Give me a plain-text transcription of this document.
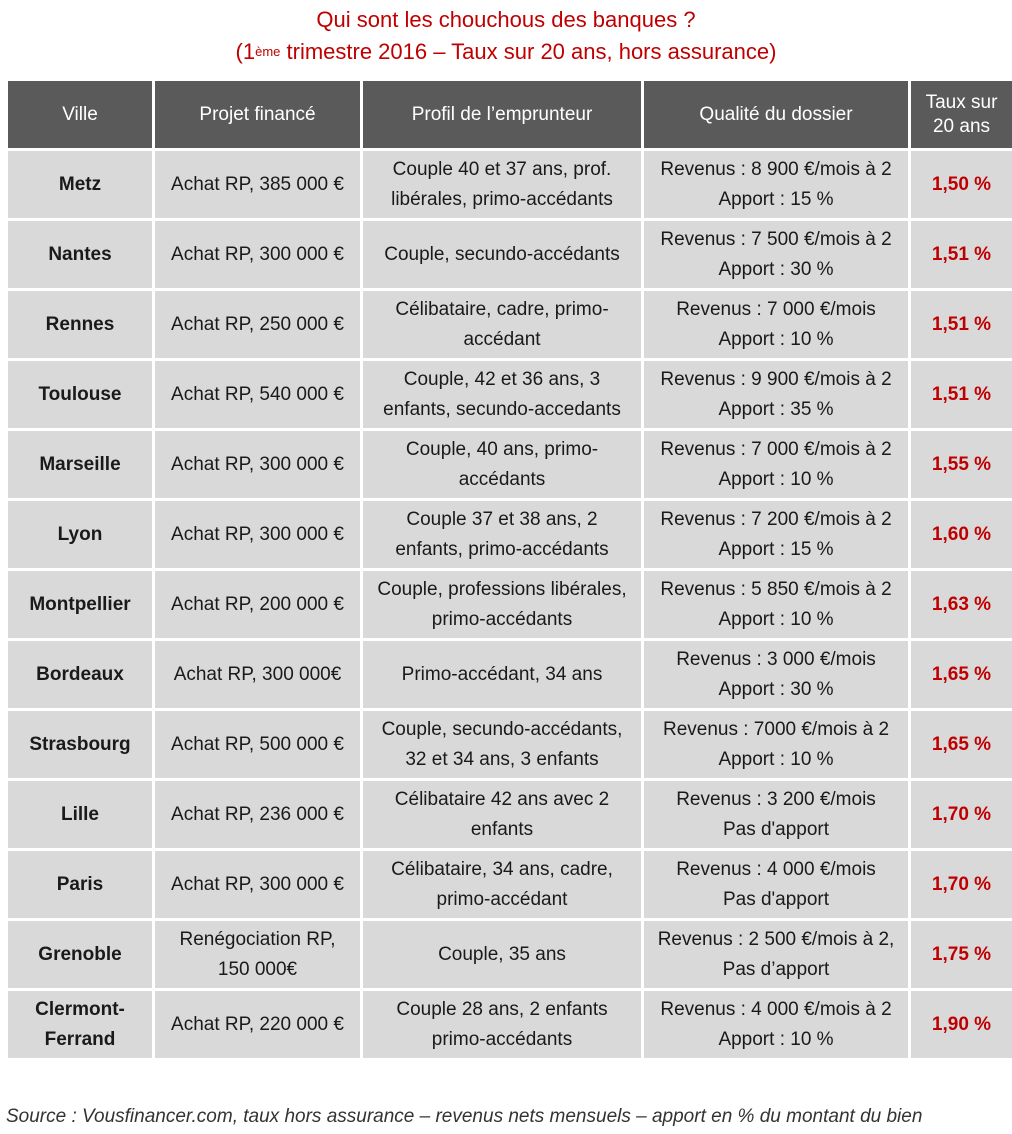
Qui sont les chouchous des banques ?
(1ème trimestre 2016 – Taux sur 20 ans, hors assurance)
Ville	Projet financé	Profil de l’emprunteur	Qualité du dossier	Taux sur
20 ans

Metz	Achat RP, 385 000 €	Couple 40 et 37 ans, prof.
libérales, primo-accédants	Revenus : 8 900 €/mois à 2
Apport : 15 %	1,50 %

Nantes	Achat RP, 300 000 €	Couple, secundo-accédants	Revenus : 7 500 €/mois à 2
Apport : 30 %	1,51 %

Rennes	Achat RP, 250 000 €	Célibataire, cadre, primo-
accédant	Revenus : 7 000 €/mois
Apport : 10 %	1,51 %

Toulouse	Achat RP, 540 000 €	Couple, 42 et 36 ans, 3
enfants, secundo-accedants	Revenus : 9 900 €/mois à 2
Apport : 35 %	1,51 %

Marseille	Achat RP, 300 000 €	Couple, 40 ans, primo-
accédants	Revenus : 7 000 €/mois à 2
Apport : 10 %	1,55 %

Lyon	Achat RP, 300 000 €	Couple 37 et 38 ans, 2
enfants, primo-accédants	Revenus : 7 200 €/mois à 2
Apport : 15 %	1,60 %

Montpellier	Achat RP, 200 000 €	Couple, professions libérales,
primo-accédants	Revenus : 5 850 €/mois à 2
Apport : 10 %	1,63 %

Bordeaux	Achat RP, 300 000€	Primo-accédant, 34 ans	Revenus : 3 000 €/mois
Apport : 30 %	1,65 %

Strasbourg	Achat RP, 500 000 €	Couple, secundo-accédants,
32 et 34 ans, 3 enfants	Revenus : 7000 €/mois à 2
Apport : 10 %	1,65 %

Lille	Achat RP, 236 000 €	Célibataire 42 ans avec 2
enfants	Revenus : 3 200 €/mois
Pas d'apport	1,70 %

Paris	Achat RP, 300 000 €	Célibataire, 34 ans, cadre,
primo-accédant	Revenus : 4 000 €/mois
Pas d'apport	1,70 %

Grenoble	Renégociation RP,
150 000€	Couple, 35 ans	Revenus : 2 500 €/mois à 2,
Pas d’apport	1,75 %

Clermont-
Ferrand	Achat RP, 220 000 €	Couple 28 ans, 2 enfants
primo-accédants	Revenus : 4 000 €/mois à 2
Apport : 10 %	1,90 %
Source : Vousfinancer.com, taux hors assurance – revenus nets mensuels – apport en % du montant du bien
